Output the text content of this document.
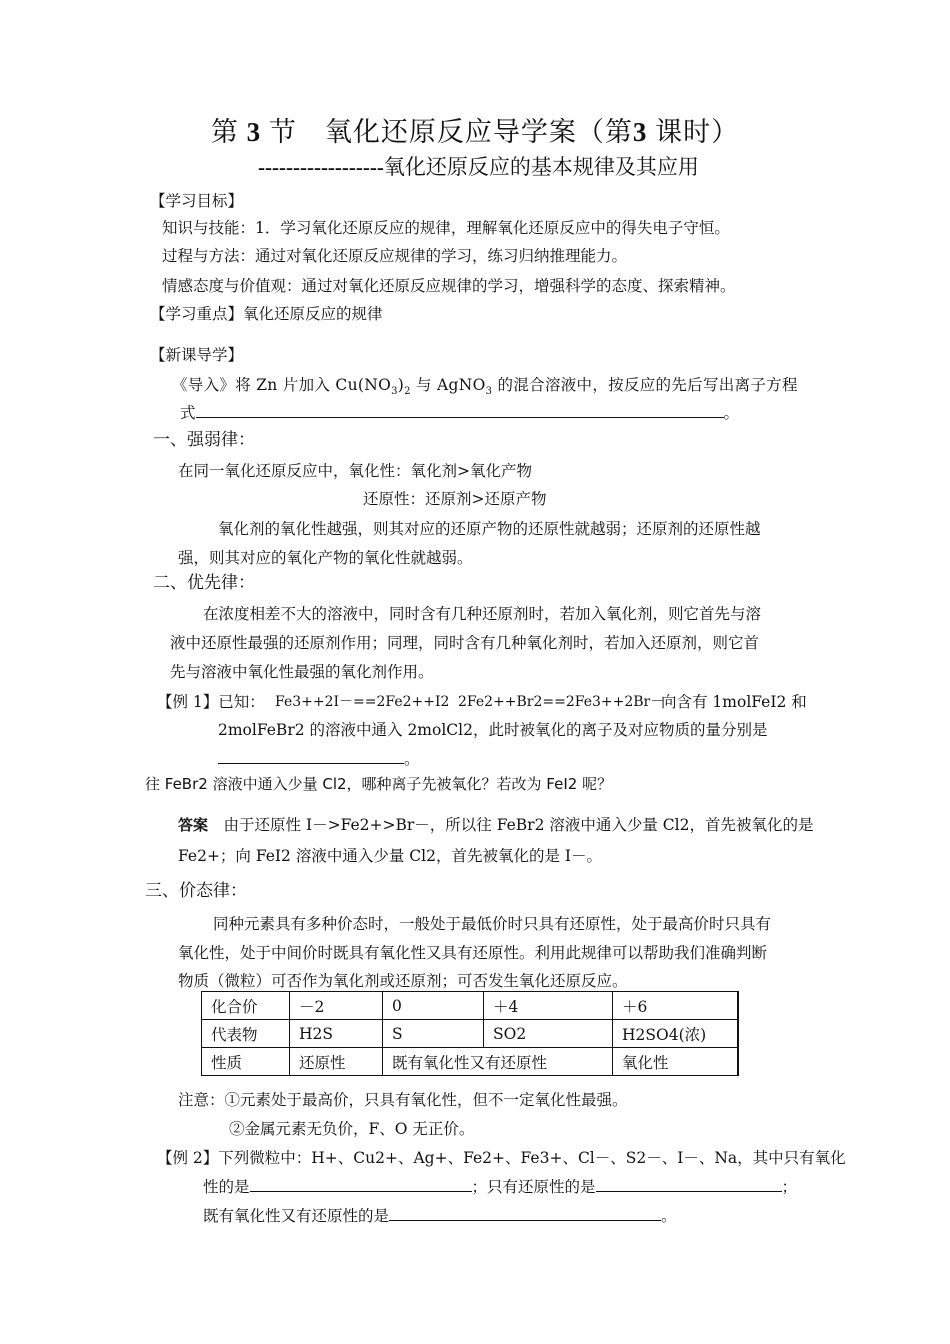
第 3 节　氧化还原反应导学案（第3 课时）
------------------氧化还原反应的基本规律及其应用
【学习目标】
知识与技能：1．学习氧化还原反应的规律，理解氧化还原反应中的得失电子守恒。
过程与方法：通过对氧化还原反应规律的学习，练习归纳推理能力。
情感态度与价值观：通过对氧化还原反应规律的学习，增强科学的态度、探索精神。
【学习重点】氧化还原反应的规律
【新课导学】
《导入》将 Zn 片加入 $Cu(NO_3)_2$ 与 AgNO$_3$ 的混合溶液中，按反应的先后写出离子方程
式	。
一、强弱律：
在同一氧化还原反应中，氧化性：氧化剂>氧化产物
还原性：还原剂>还原产物
氧化剂的氧化性越强，则其对应的还原产物的还原性就越弱；还原剂的还原性越
强，则其对应的氧化产物的氧化性就越弱。
二、优先律：
在浓度相差不大的溶液中，同时含有几种还原剂时，若加入氧化剂，则它首先与溶
液中还原性最强的还原剂作用；同理，同时含有几种氧化剂时，若加入还原剂，则它首
先与溶液中氧化性最强的氧化剂作用。
【例 1】已知： Fe3++2I－==2Fe2++I2 2Fe2++Br2==2Fe3++2Br－
向含有 1molFeI2 和
2molFeBr2 的溶液中通入 2molCl2，此时被氧化的离子及对应物质的量分别是
。
往 FeBr2 溶液中通入少量 Cl2，哪种离子先被氧化？若改为 FeI2 呢？
答案　 由于还原性 I－>Fe2+>Br－，所以往 FeBr2 溶液中通入少量 Cl2，首先被氧化的是
Fe2+；向 FeI2 溶液中通入少量 Cl2，首先被氧化的是 I－。
三、价态律：
同种元素具有多种价态时，一般处于最低价时只具有还原性，处于最高价时只具有
氧化性，处于中间价时既具有氧化性又具有还原性。利用此规律可以帮助我们准确判断
物质（微粒）可否作为氧化剂或还原剂；可否发生氧化还原反应。
化合价	－2	0	＋4	＋6
代表物	H2S	S	SO2	H2SO4(浓)
性质	还原性	既有氧化性又有还原性		氧化性
注意：①元素处于最高价，只具有氧化性，但不一定氧化性最强。
②金属元素无负价，F、O 无正价。
【例 2】下列微粒中：H+、Cu2+、Ag+、Fe2+、Fe3+、Cl－、S2－、I－、Na，其中只有氧化
性的是	；只有还原性的是	；
既有氧化性又有还原性的是	。
